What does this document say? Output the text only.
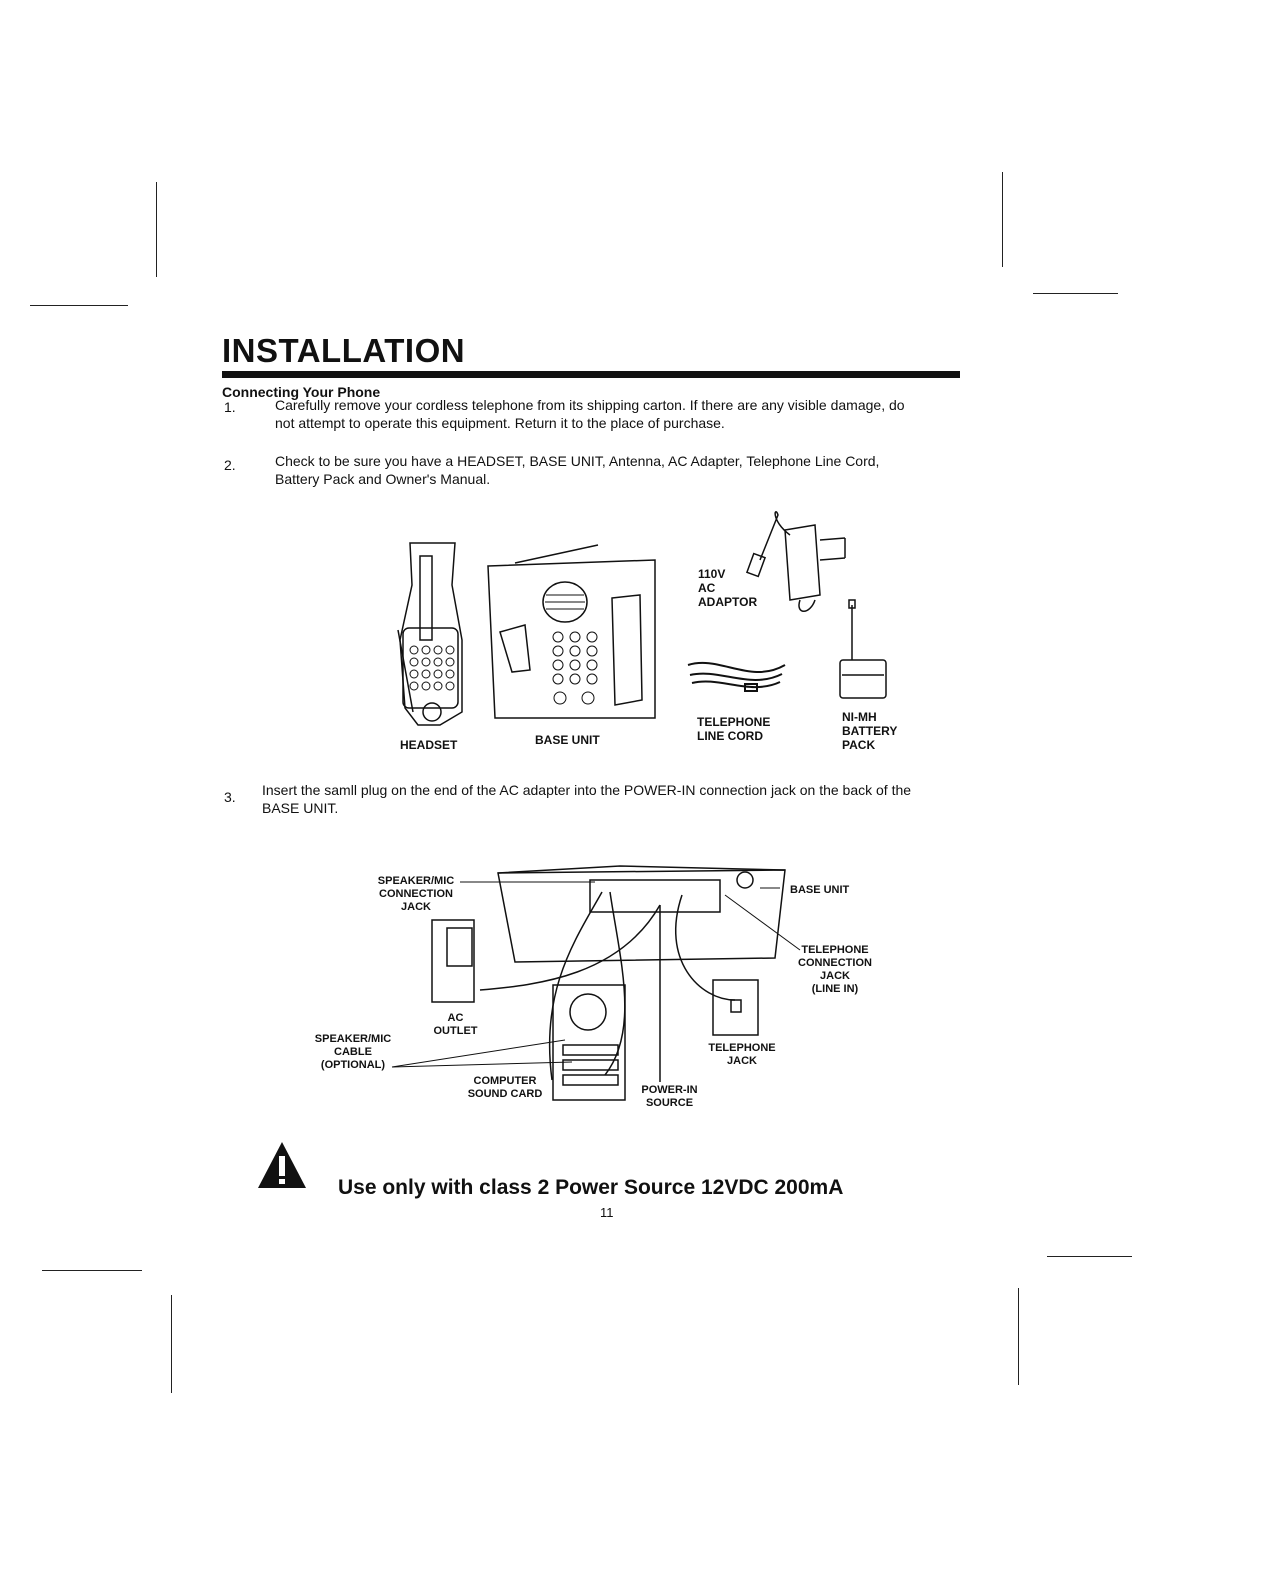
INSTALLATION
Connecting Your Phone
1.	Carefully remove your cordless telephone from its shipping carton. If there are any visible damage, do not attempt to operate this equipment. Return it to the place of purchase.
2.	Check to be sure you have a HEADSET, BASE UNIT, Antenna, AC Adapter, Telephone Line Cord, Battery Pack and Owner's Manual.
3. Insert the samll plug on the end of the AC adapter into the POWER-IN connection jack on the back of the BASE UNIT.
HEADSET	BASE UNIT
110V
AC
ADAPTOR
TELEPHONE
LINE CORD
NI-MH
BATTERY
PACK
SPEAKER/MIC
CONNECTION
JACK
BASE UNIT
TELEPHONE
CONNECTION
JACK
(LINE IN)
AC
OUTLET
SPEAKER/MIC
CABLE
(OPTIONAL)
TELEPHONE
JACK
COMPUTER
SOUND CARD	POWER-IN
SOURCE
Use only with class 2 Power Source 12VDC 200mA
11
